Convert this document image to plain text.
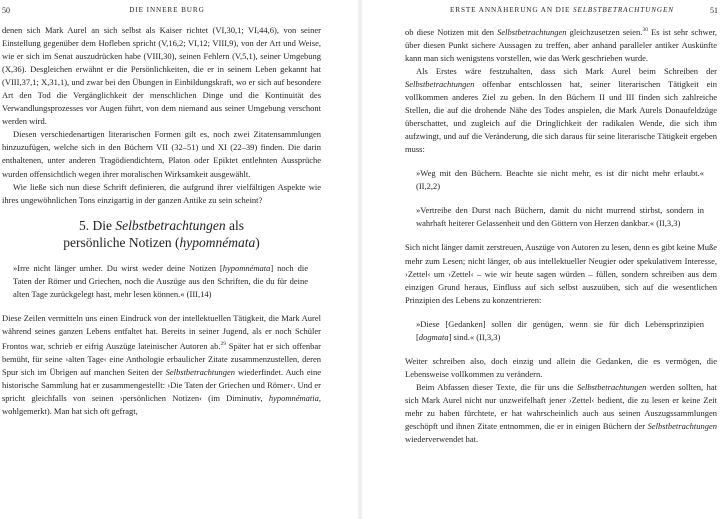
50	DIE INNERE BURG

denen sich Mark Aurel an sich selbst als Kaiser richtet (VI,30,1; VI,44,6), von seiner Einstellung gegenüber dem Hofleben spricht (V,16,2; VI,12; VIII,9), von der Art und Weise, wie er sich im Senat auszudrücken habe (VIII,30), seinen Fehlern (V,5,1), seiner Umgebung (X,36). Desgleichen erwähnt er die Persönlichkeiten, die er in seinem Leben gekannt hat (VIII,37,1; X,31,1), und zwar bei den Übungen in Einbildungskraft, wo er sich auf besondere Art den Tod die Vergänglichkeit der menschlichen Dinge und die Kontinuität des Verwandlungsprozesses vor Augen führt, von dem niemand aus seiner Umgebung verschont werden wird.

Diesen verschiedenartigen literarischen Formen gilt es, noch zwei Zitatensammlungen hinzuzufügen, welche sich in den Büchern VII (32–51) und XI (22–39) finden. Die darin enthaltenen, unter anderen Tragödiendichtern, Platon oder Epiktet entlehnten Aussprüche wurden offensichtlich wegen ihrer moralischen Wirksamkeit ausgewählt.

Wie ließe sich nun diese Schrift definieren, die aufgrund ihrer vielfältigen Aspekte wie ihres ungewöhnlichen Tons einzigartig in der ganzen Antike zu sein scheint?

5. Die Selbstbetrachtungen als
persönliche Notizen (hypomnémata)

»Irre nicht länger umher. Du wirst weder deine Notizen [hypomnémata] noch die Taten der Römer und Griechen, noch die Auszüge aus den Schriften, die du für deine alten Tage zurückgelegt hast, mehr lesen können.« (III,14)

Diese Zeilen vermitteln uns einen Eindruck von der intellektuellen Tätigkeit, die Mark Aurel während seines ganzen Lebens entfaltet hat. Bereits in seiner Jugend, als er noch Schüler Frontos war, schrieb er eifrig Auszüge lateinischer Autoren ab.$^{29}$ Später hat er sich offenbar bemüht, für seine ›alten Tage‹ eine Anthologie erbaulicher Zitate zusammenzustellen, deren Spur sich im Übrigen auf manchen Seiten der Selbstbetrachtungen wiederfindet. Auch eine historische Sammlung hat er zusammengestellt: ›Die Taten der Griechen und Römer‹. Und er spricht gleichfalls von seinen ›persönlichen Notizen‹ (im Diminutiv, hypomnématia, wohlgemerkt). Man hat sich oft gefragt,

ERSTE ANNÄHERUNG AN DIE SELBSTBETRACHTUNGEN	51

ob diese Notizen mit den Selbstbetrachtungen gleichzusetzen seien.$^{30}$ Es ist sehr schwer, über diesen Punkt sichere Aussagen zu treffen, aber anhand paralleler antiker Auskünfte kann man sich wenigstens vorstellen, wie das Werk geschrieben wurde.

Als Erstes wäre festzuhalten, dass sich Mark Aurel beim Schreiben der Selbstbetrachtungen offenbar entschlossen hat, seiner literarischen Tätigkeit ein vollkommen anderes Ziel zu geben. In den Büchern II und III finden sich zahlreiche Stellen, die auf die drohende Nähe des Todes anspielen, die Mark Aurels Donaufeldzüge überschattet, und zugleich auf die Dringlichkeit der radikalen Wende, die sich ihm aufzwingt, und auf die Veränderung, die sich daraus für seine literarische Tätigkeit ergeben muss:

»Weg mit den Büchern. Beachte sie nicht mehr, es ist dir nicht mehr erlaubt.« (II,2,2)

»Vertreibe den Durst nach Büchern, damit du nicht murrend stirbst, sondern in wahrhaft heiterer Gelassenheit und den Göttern von Herzen dankbar.« (II,3,3)

Sich nicht länger damit zerstreuen, Auszüge von Autoren zu lesen, denn es gibt keine Muße mehr zum Lesen; nicht länger, ob aus intellektueller Neugier oder spekulativem Interesse, ›Zettel‹ um ›Zettel‹ – wie wir heute sagen würden – füllen, sondern schreiben aus dem einzigen Grund heraus, Einfluss auf sich selbst auszuüben, sich auf die wesentlichen Prinzipien des Lebens zu konzentrieren:

»Diese [Gedanken] sollen dir genügen, wenn sie für dich Lebensprinzipien [dogmata] sind.« (II,3,3)

Weiter schreiben also, doch einzig und allein die Gedanken, die es vermögen, die Lebensweise vollkommen zu verändern.

Beim Abfassen dieser Texte, die für uns die Selbstbetrachtungen werden sollten, hat sich Mark Aurel nicht nur unzweifelhaft jener ›Zettel‹ bedient, die zu lesen er keine Zeit mehr zu haben fürchtete, er hat wahrscheinlich auch aus seinen Auszugssammlungen geschöpft und ihnen Zitate entnommen, die er in einigen Büchern der Selbstbetrachtungen wiederverwendet hat.
